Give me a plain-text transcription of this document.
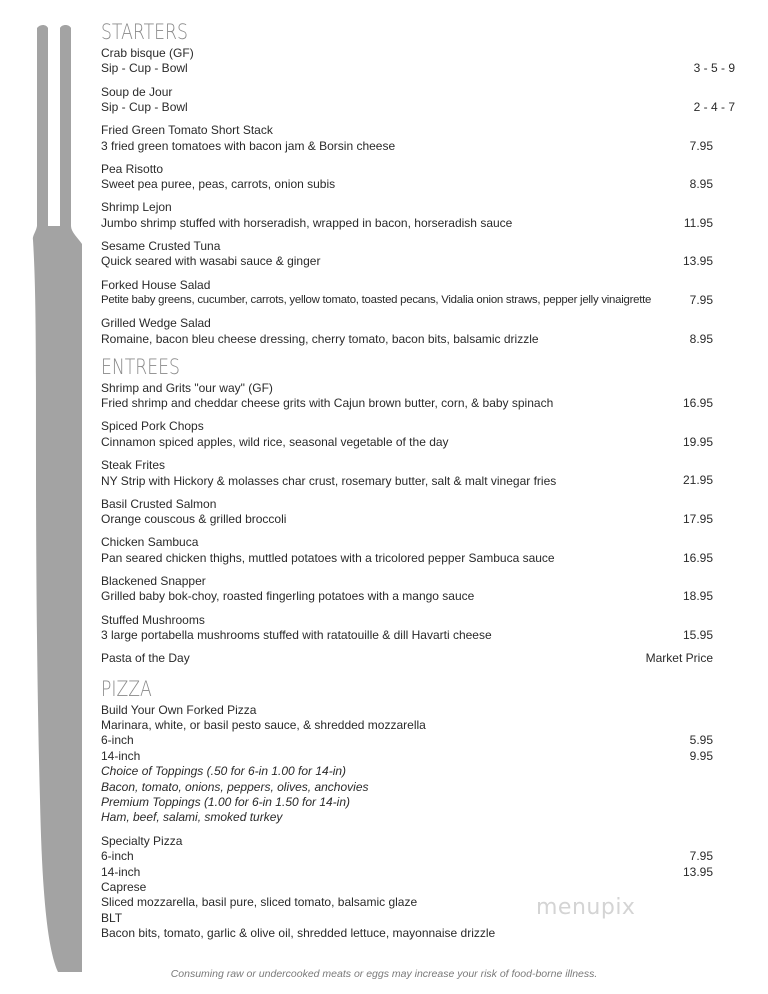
STARTERS
Crab bisque (GF)
Sip - Cup - Bowl	3 - 5 - 9
Soup de Jour
Sip - Cup - Bowl	2 - 4 - 7
Fried Green Tomato Short Stack
3 fried green tomatoes with bacon jam & Borsin cheese	7.95
Pea Risotto
Sweet pea puree, peas, carrots, onion subis	8.95
Shrimp Lejon
Jumbo shrimp stuffed with horseradish, wrapped in bacon, horseradish sauce	11.95
Sesame Crusted Tuna
Quick seared with wasabi sauce & ginger	13.95
Forked House Salad
Petite baby greens, cucumber, carrots, yellow tomato, toasted pecans, Vidalia onion straws, pepper jelly vinaigrette	7.95
Grilled Wedge Salad
Romaine, bacon bleu cheese dressing, cherry tomato, bacon bits, balsamic drizzle	8.95
ENTREES
Shrimp and Grits "our way" (GF)
Fried shrimp and cheddar cheese grits with Cajun brown butter, corn, & baby spinach	16.95
Spiced Pork Chops
Cinnamon spiced apples, wild rice, seasonal vegetable of the day	19.95
Steak Frites
NY Strip with Hickory & molasses char crust, rosemary butter, salt & malt vinegar fries	21.95
Basil Crusted Salmon
Orange couscous & grilled broccoli	17.95
Chicken Sambuca
Pan seared chicken thighs, muttled potatoes with a tricolored pepper Sambuca sauce	16.95
Blackened Snapper
Grilled baby bok-choy, roasted fingerling potatoes with a mango sauce	18.95
Stuffed Mushrooms
3 large portabella mushrooms stuffed with ratatouille & dill Havarti cheese	15.95
Pasta of the Day	Market Price
PIZZA
Build Your Own Forked Pizza
Marinara, white, or basil pesto sauce, & shredded mozzarella
6-inch	5.95
14-inch	9.95
Choice of Toppings (.50 for 6-in 1.00 for 14-in)
Bacon, tomato, onions, peppers, olives, anchovies
Premium Toppings (1.00 for 6-in 1.50 for 14-in)
Ham, beef, salami, smoked turkey
Specialty Pizza
6-inch	7.95
14-inch	13.95
Caprese
Sliced mozzarella, basil pure, sliced tomato, balsamic glaze
BLT
Bacon bits, tomato, garlic & olive oil, shredded lettuce, mayonnaise drizzle
menupix
Consuming raw or undercooked meats or eggs may increase your risk of food-borne illness.
